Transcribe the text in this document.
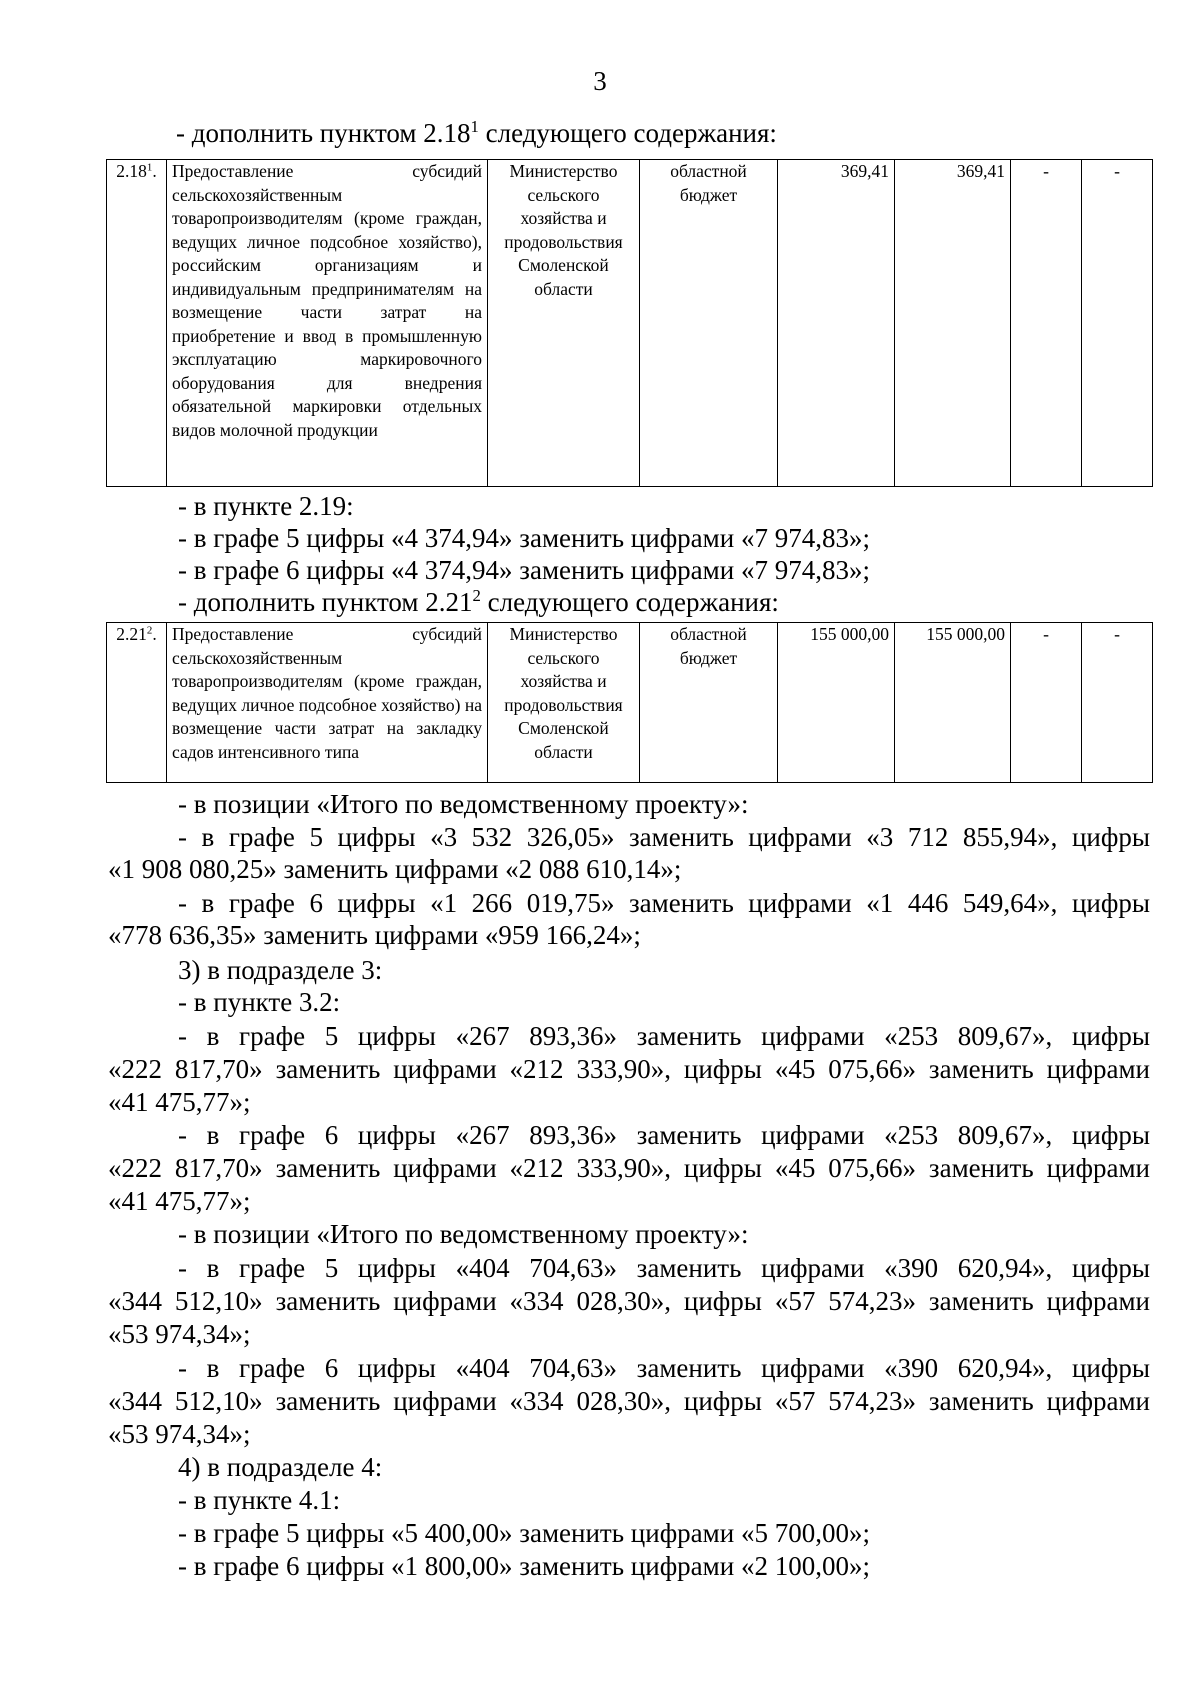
3
- дополнить пунктом 2.18$^1$ следующего содержания:
2.18$^1$.	Предоставление субсидий сельскохозяйственным товаропроизводителям (кроме граждан, ведущих личное подсобное хозяйство), российским организациям и индивидуальным предпринимателям на возмещение части затрат на приобретение и ввод в промышленную эксплуатацию маркировочного оборудования для внедрения обязательной маркировки отдельных видов молочной продукции	Министерство сельского хозяйства и продовольствия Смоленской области	областной бюджет	369,41	369,41	-	-
- в пункте 2.19:
- в графе 5 цифры «4 374,94» заменить цифрами «7 974,83»;
- в графе 6 цифры «4 374,94» заменить цифрами «7 974,83»;
- дополнить пунктом 2.21$^2$ следующего содержания:
2.21$^2$.	Предоставление субсидий сельскохозяйственным товаропроизводителям (кроме граждан, ведущих личное подсобное хозяйство) на возмещение части затрат на закладку садов интенсивного типа	Министерство сельского хозяйства и продовольствия Смоленской области	областной бюджет	155 000,00	155 000,00	-	-
- в позиции «Итого по ведомственному проекту»:
- в графе 5 цифры «3 532 326,05» заменить цифрами «3 712 855,94», цифры
«1 908 080,25» заменить цифрами «2 088 610,14»;
- в графе 6 цифры «1 266 019,75» заменить цифрами «1 446 549,64», цифры
«778 636,35» заменить цифрами «959 166,24»;
3) в подразделе 3:
- в пункте 3.2:
- в графе 5 цифры «267 893,36» заменить цифрами «253 809,67», цифры
«222 817,70» заменить цифрами «212 333,90», цифры «45 075,66» заменить цифрами
«41 475,77»;
- в графе 6 цифры «267 893,36» заменить цифрами «253 809,67», цифры
«222 817,70» заменить цифрами «212 333,90», цифры «45 075,66» заменить цифрами
«41 475,77»;
- в позиции «Итого по ведомственному проекту»:
- в графе 5 цифры «404 704,63» заменить цифрами «390 620,94», цифры
«344 512,10» заменить цифрами «334 028,30», цифры «57 574,23» заменить цифрами
«53 974,34»;
- в графе 6 цифры «404 704,63» заменить цифрами «390 620,94», цифры
«344 512,10» заменить цифрами «334 028,30», цифры «57 574,23» заменить цифрами
«53 974,34»;
4) в подразделе 4:
- в пункте 4.1:
- в графе 5 цифры «5 400,00» заменить цифрами «5 700,00»;
- в графе 6 цифры «1 800,00» заменить цифрами «2 100,00»;
